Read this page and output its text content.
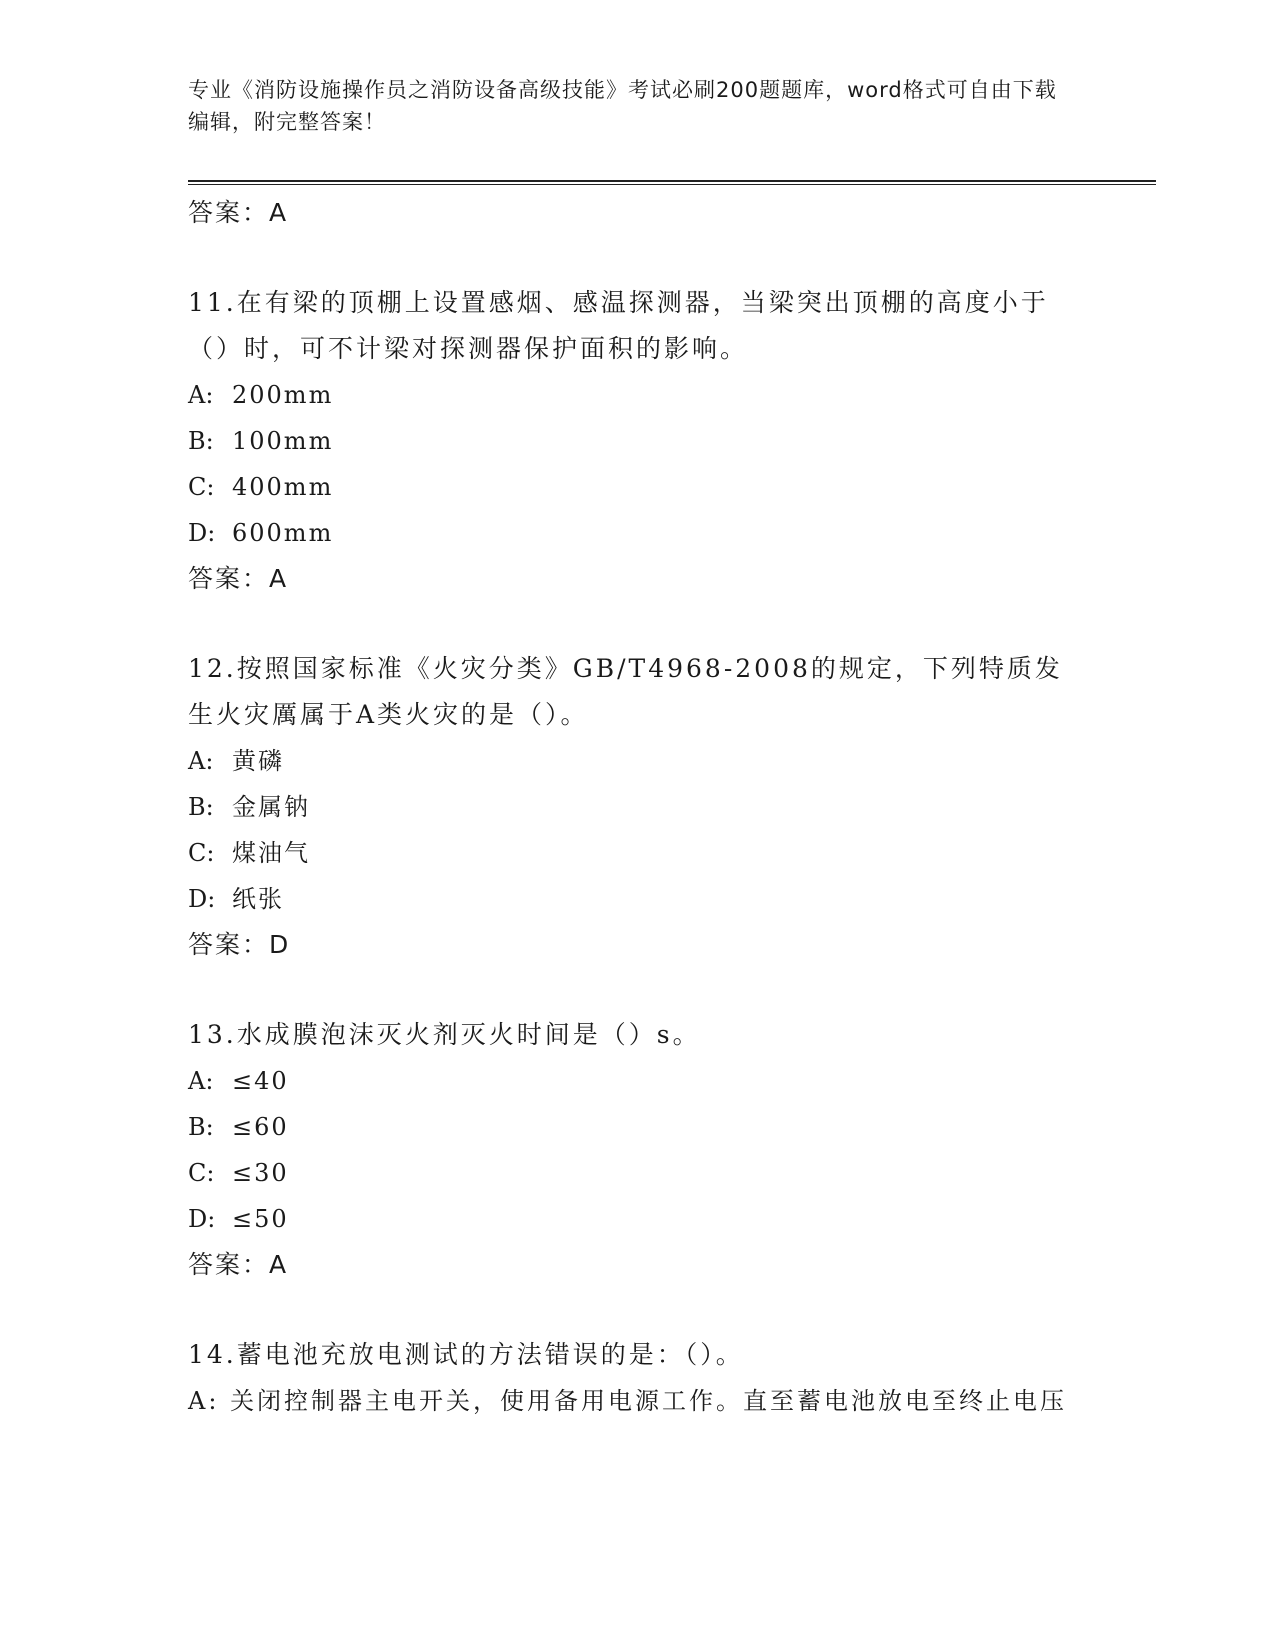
专业《消防设施操作员之消防设备高级技能》考试必刷200题题库，word格式可自由下载编辑，附完整答案！

答案：A

11.在有梁的顶棚上设置感烟、感温探测器，当梁突出顶棚的高度小于（）时，可不计梁对探测器保护面积的影响。

A: 200mm

B: 100mm

C: 400mm

D: 600mm

答案：A

12.按照国家标准《火灾分类》GB/T4968-2008的规定，下列特质发生火灾厲属于A类火灾的是（）。

A: 黄磷

B: 金属钠

C: 煤油气

D: 纸张

答案：D

13.水成膜泡沫灭火剂灭火时间是（）s。

A: ≤40

B: ≤60

C: ≤30

D: ≤50

答案：A

14.蓄电池充放电测试的方法错误的是：（）。

A: 关闭控制器主电开关，使用备用电源工作。直至蓄电池放电至终止电压
